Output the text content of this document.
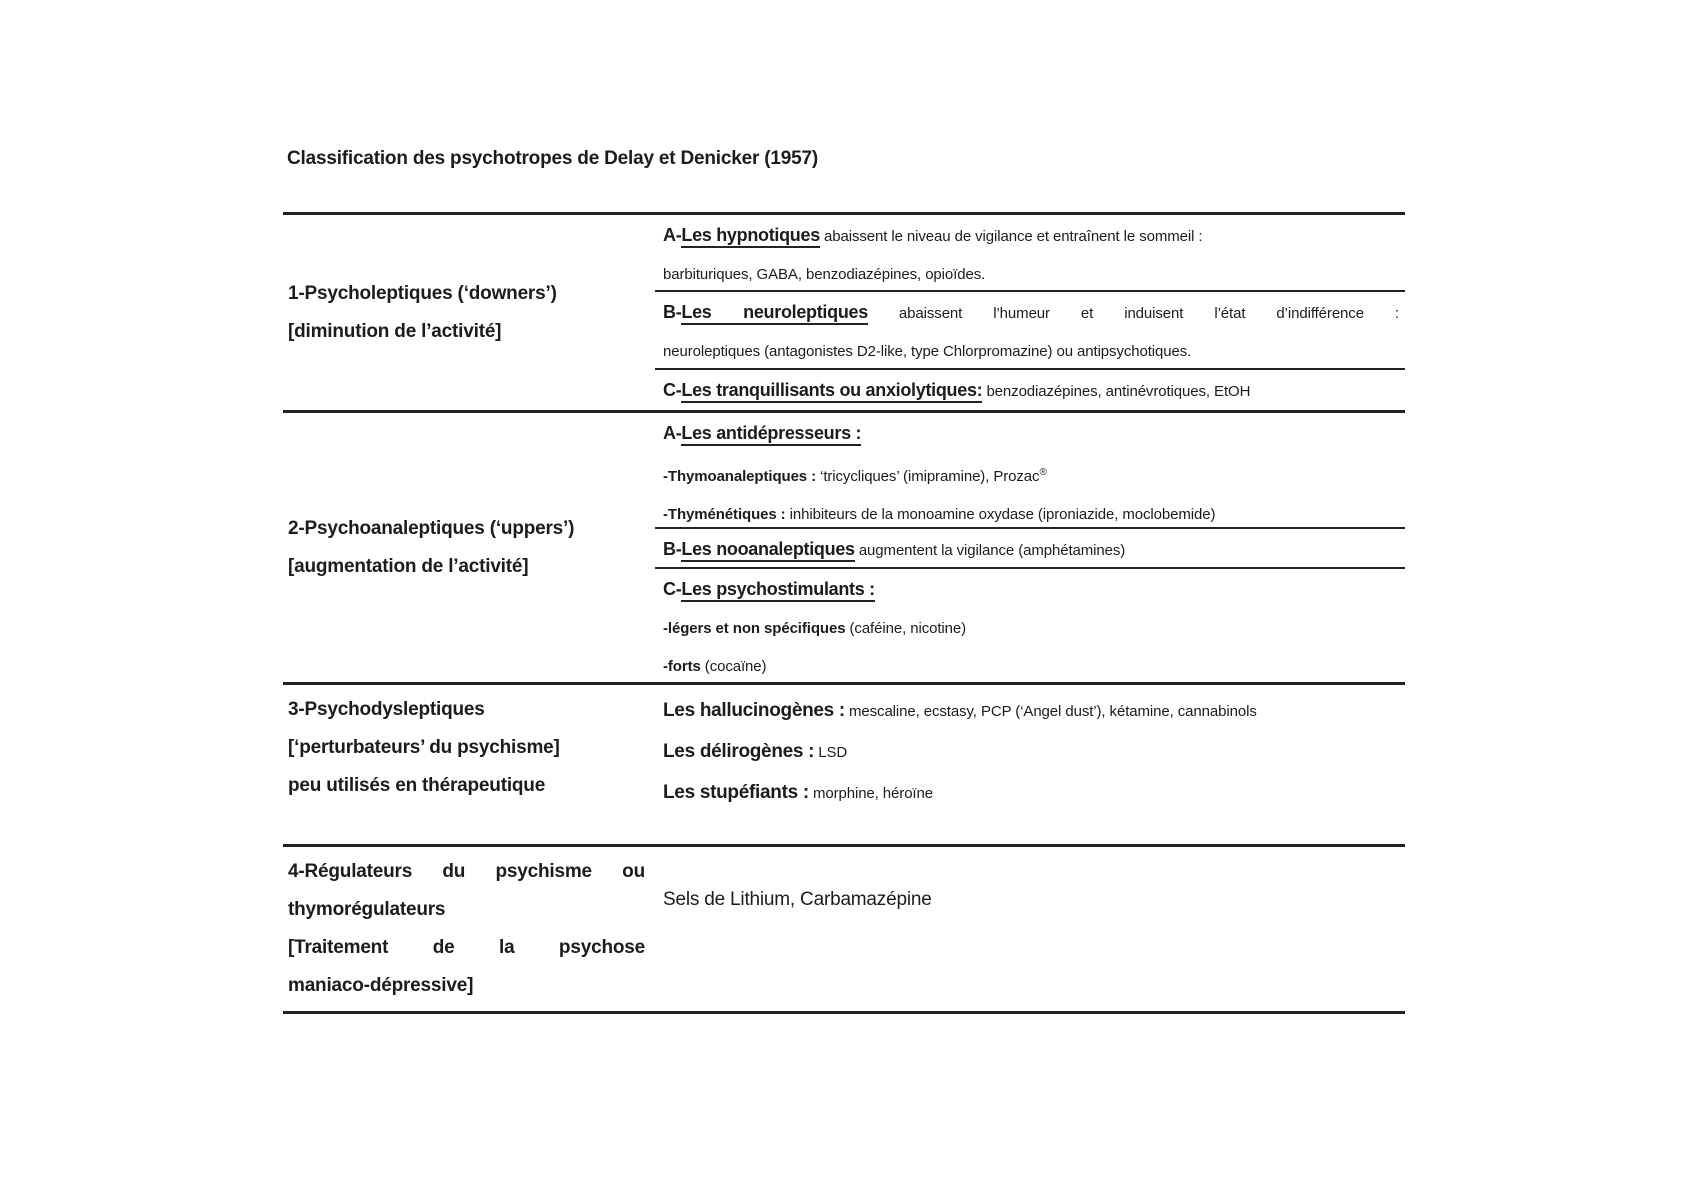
Classification des psychotropes de Delay et Denicker (1957)
1-Psycholeptiques (‘downers’)
[diminution de l’activité]
A-Les hypnotiques abaissent le niveau de vigilance et entraînent le sommeil :
barbituriques, GABA, benzodiazépines, opioïdes.
B-Les neuroleptiques abaissent l’humeur et induisent l’état d’indifférence :
neuroleptiques (antagonistes D2-like, type Chlorpromazine) ou antipsychotiques.
C-Les tranquillisants ou anxiolytiques: benzodiazépines, antinévrotiques, EtOH
2-Psychoanaleptiques (‘uppers’)
[augmentation de l’activité]
A-Les antidépresseurs :
-Thymoanaleptiques : ‘tricycliques’ (imipramine), Prozac®
-Thyménétiques : inhibiteurs de la monoamine oxydase (iproniazide, moclobemide)
B-Les nooanaleptiques augmentent la vigilance (amphétamines)
C-Les psychostimulants :
-légers et non spécifiques (caféine, nicotine)
-forts (cocaïne)
3-Psychodysleptiques
[‘perturbateurs’ du psychisme]
peu utilisés en thérapeutique
Les hallucinogènes : mescaline, ecstasy, PCP (‘Angel dust’), kétamine, cannabinols
Les délirogènes : LSD
Les stupéfiants : morphine, héroïne
4-Régulateurs du psychisme ou
thymorégulateurs
[Traitement de la psychose
maniaco-dépressive]
Sels de Lithium, Carbamazépine
